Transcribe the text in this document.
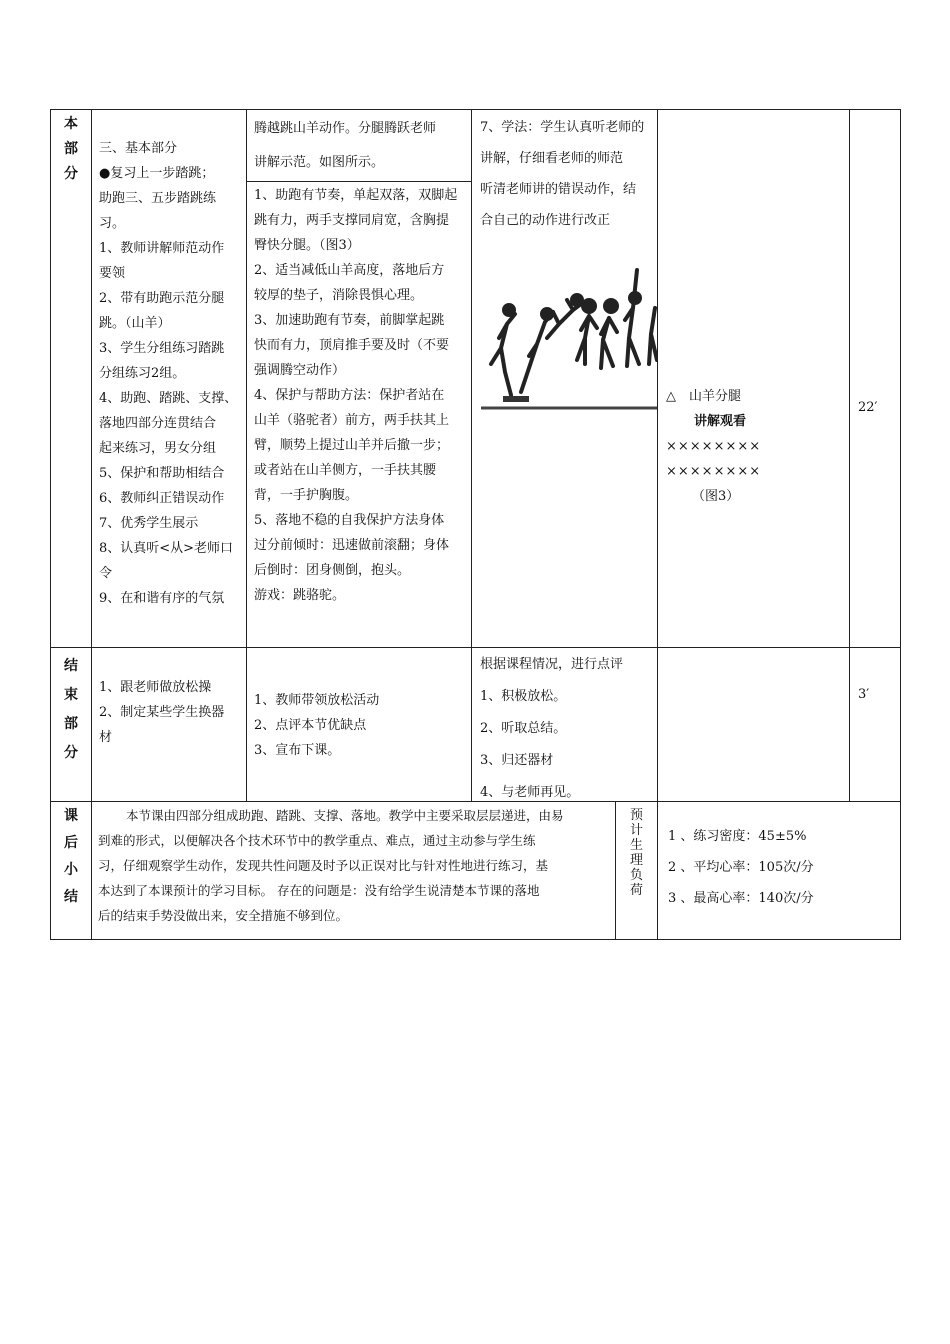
本
部
分
三、基本部分
●复习上一步踏跳；
助跑三、五步踏跳练
习。
1、教师讲解师范动作
要领
2、带有助跑示范分腿
跳。（山羊）
3、学生分组练习踏跳
分组练习2组。
4、助跑、踏跳、支撑、
落地四部分连贯结合
起来练习，男女分组
5、保护和帮助相结合
6、教师纠正错误动作
7、优秀学生展示
8、认真听<从>老师口
令
9、在和谐有序的气氛
腾越跳山羊动作。分腿腾跃老师
讲解示范。如图所示。
1、助跑有节奏，单起双落，双脚起
跳有力，两手支撑同肩宽，含胸提
臀快分腿。（图3）
2、适当减低山羊高度，落地后方
较厚的垫子，消除畏惧心理。
3、加速助跑有节奏，前脚掌起跳
快而有力，顶肩推手要及时（不要
强调腾空动作）
4、保护与帮助方法：保护者站在
山羊（骆驼者）前方，两手扶其上
臂，顺势上提过山羊并后撤一步；
或者站在山羊侧方，一手扶其腰
背，一手护胸腹。
5、落地不稳的自我保护方法身体
过分前倾时：迅速做前滚翻；身体
后倒时：团身侧倒，抱头。
游戏：跳骆驼。
7、学法：学生认真听老师的
讲解，仔细看老师的师范
听清老师讲的错误动作，结
合自己的动作进行改正
△　山羊分腿
讲解观看
××××××××
××××××××
（图3）
22′
结
束
部
分
1、跟老师做放松操
2、制定某些学生换器
材
1、教师带领放松活动
2、点评本节优缺点
3、宣布下课。
根据课程情况，进行点评
1、积极放松。
2、听取总结。
3、归还器材
4、与老师再见。
3′
课
后
小
结
本节课由四部分组成助跑、踏跳、支撑、落地。教学中主要采取层层递进，由易
到难的形式，以便解决各个技术环节中的教学重点、难点，通过主动参与学生练
习，仔细观察学生动作，发现共性问题及时予以正误对比与针对性地进行练习，基
本达到了本课预计的学习目标。 存在的问题是：没有给学生说清楚本节课的落地
后的结束手势没做出来，安全措施不够到位。
预
计
生
理
负
荷
1 、练习密度：45±5%
2 、平均心率：105次/分
3 、最高心率：140次/分
